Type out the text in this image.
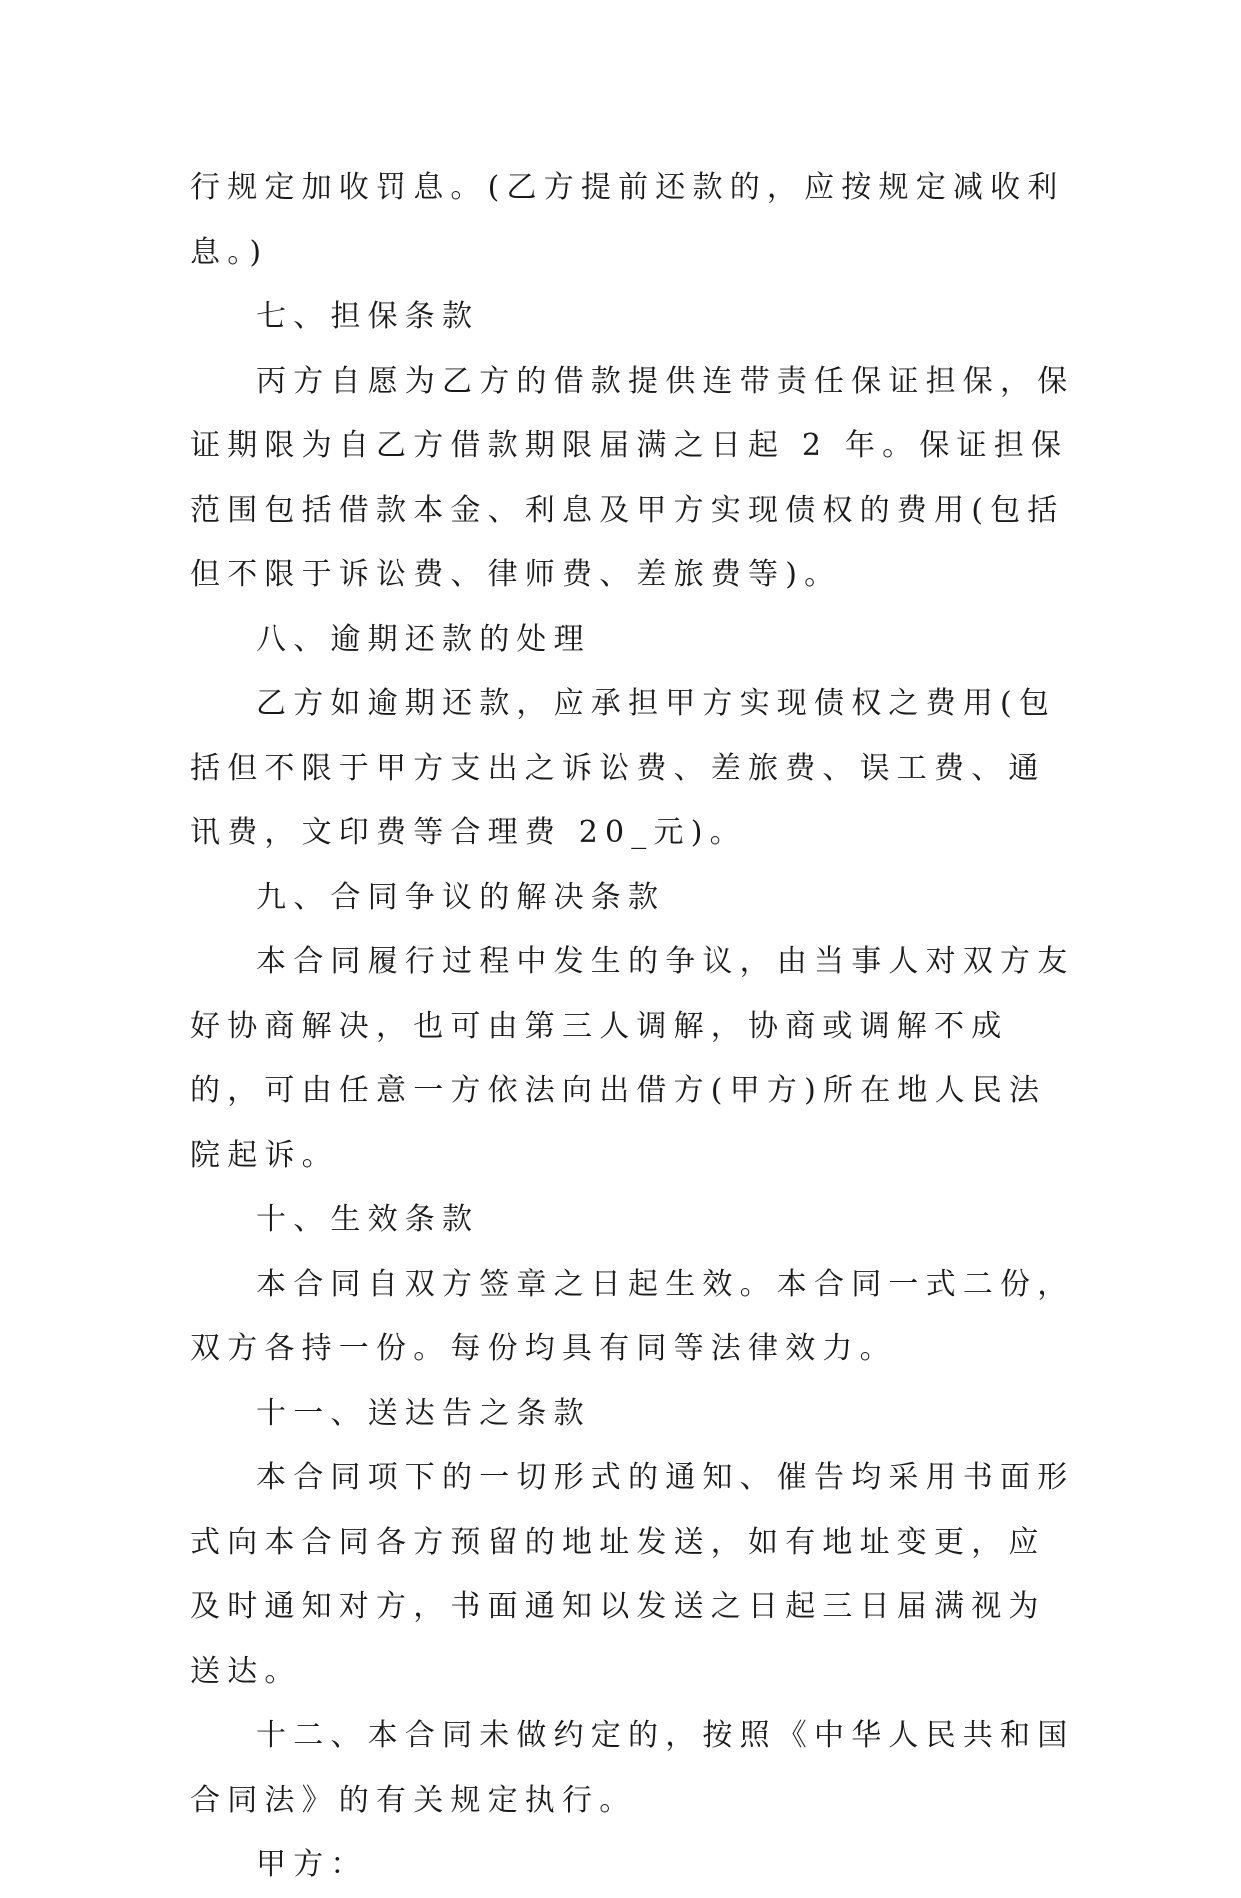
行规定加收罚息。(乙方提前还款的，应按规定减收利息。)

七、担保条款

丙方自愿为乙方的借款提供连带责任保证担保，保证期限为自乙方借款期限届满之日起 2 年。保证担保范围包括借款本金、利息及甲方实现债权的费用(包括但不限于诉讼费、律师费、差旅费等)。

八、逾期还款的处理

乙方如逾期还款，应承担甲方实现债权之费用(包括但不限于甲方支出之诉讼费、差旅费、误工费、通讯费，文印费等合理费 20_元)。

九、合同争议的解决条款

本合同履行过程中发生的争议，由当事人对双方友好协商解决，也可由第三人调解，协商或调解不成的，可由任意一方依法向出借方(甲方)所在地人民法院起诉。

十、生效条款

本合同自双方签章之日起生效。本合同一式二份，双方各持一份。每份均具有同等法律效力。

十一、送达告之条款

本合同项下的一切形式的通知、催告均采用书面形式向本合同各方预留的地址发送，如有地址变更，应及时通知对方，书面通知以发送之日起三日届满视为送达。

十二、本合同未做约定的，按照《中华人民共和国合同法》的有关规定执行。

甲方：
